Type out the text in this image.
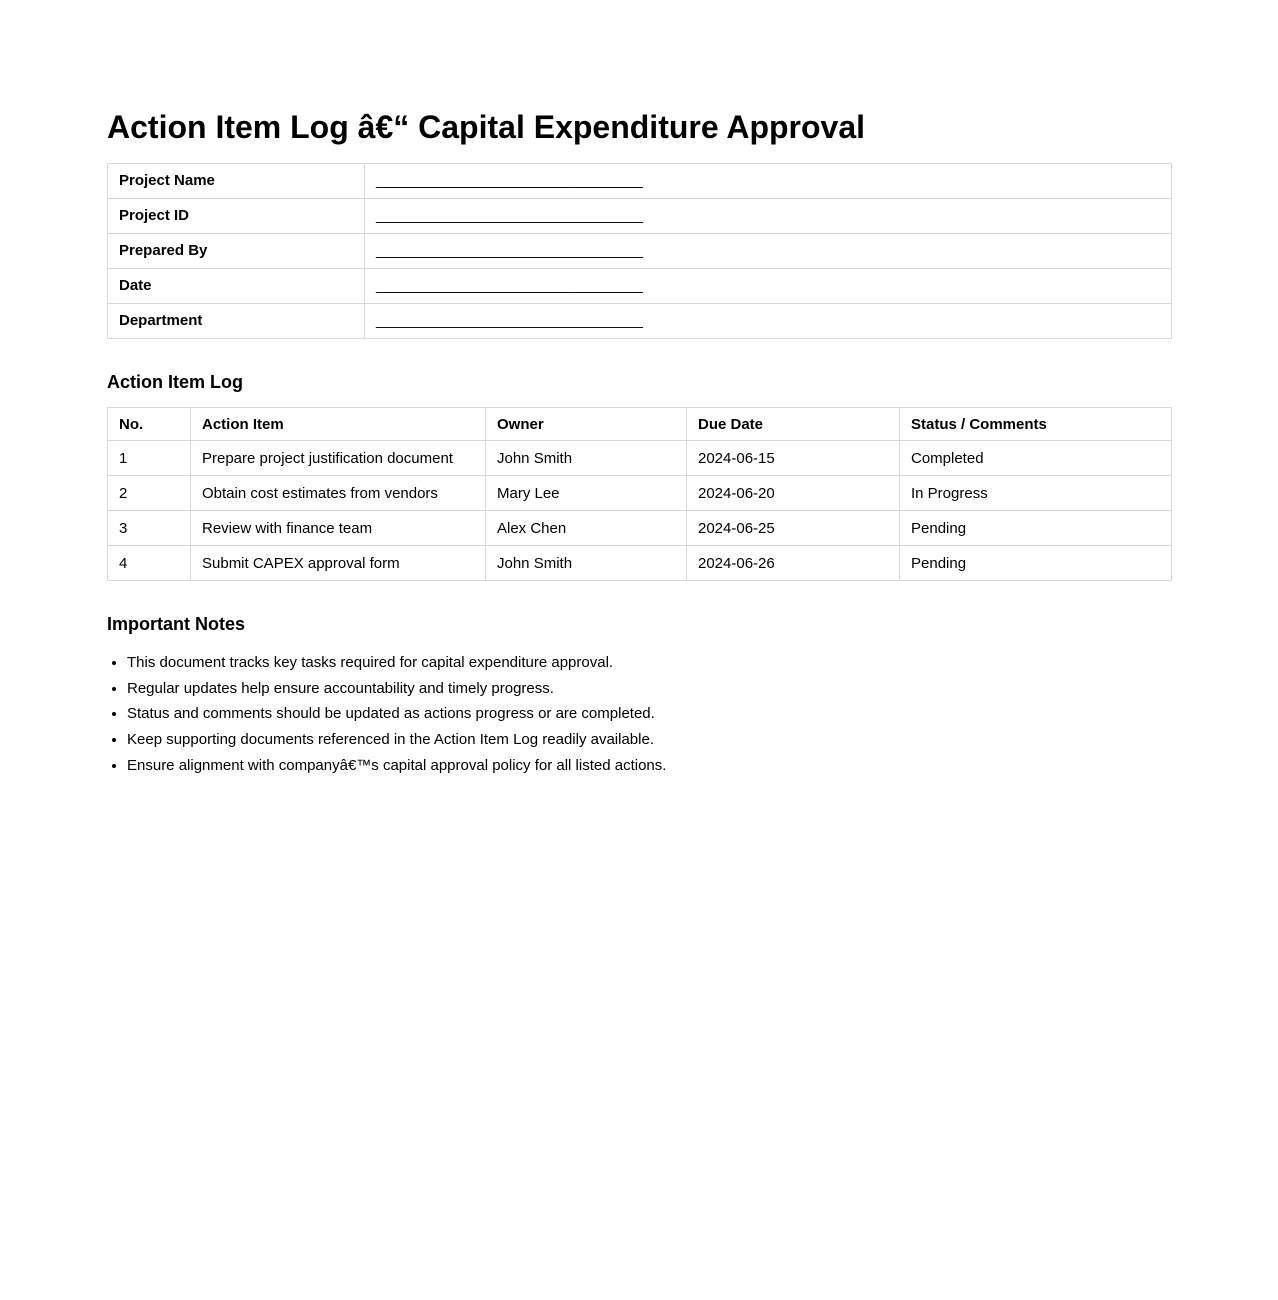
Action Item Log â€“ Capital Expenditure Approval
Project Name	________________________________
Project ID	________________________________
Prepared By	________________________________
Date	________________________________
Department	________________________________
Action Item Log
No.	Action Item	Owner	Due Date	Status / Comments
1	Prepare project justification document	John Smith	2024-06-15	Completed
2	Obtain cost estimates from vendors	Mary Lee	2024-06-20	In Progress
3	Review with finance team	Alex Chen	2024-06-25	Pending
4	Submit CAPEX approval form	John Smith	2024-06-26	Pending
Important Notes
• This document tracks key tasks required for capital expenditure approval.
• Regular updates help ensure accountability and timely progress.
• Status and comments should be updated as actions progress or are completed.
• Keep supporting documents referenced in the Action Item Log readily available.
• Ensure alignment with companyâ€™s capital approval policy for all listed actions.
